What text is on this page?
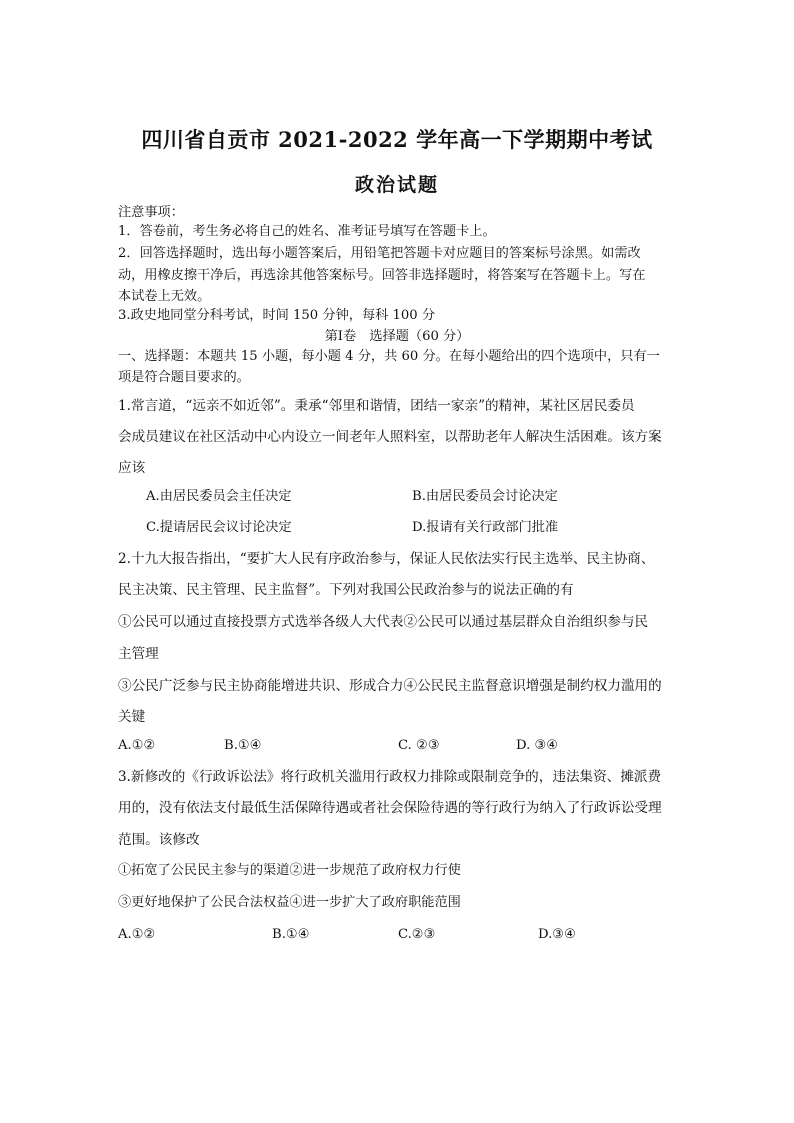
四川省自贡市 2021-2022 学年高一下学期期中考试
政治试题
注意事项：
1．答卷前，考生务必将自己的姓名、准考证号填写在答题卡上。
2．回答选择题时，选出每小题答案后，用铅笔把答题卡对应题目的答案标号涂黑。如需改
动，用橡皮擦干净后，再选涂其他答案标号。回答非选择题时，将答案写在答题卡上。写在
本试卷上无效。
3.政史地同堂分科考试，时间 150 分钟，每科 100 分
第Ⅰ卷　选择题（60 分）
一、选择题：本题共 15 小题，每小题 4 分，共 60 分。在每小题给出的四个选项中，只有一
项是符合题目要求的。
1.常言道，“远亲不如近邻”。秉承“邻里和谐情，团结一家亲”的精神，某社区居民委员
会成员建议在社区活动中心内设立一间老年人照料室，以帮助老年人解决生活困难。该方案
应该
A.由居民委员会主任决定	B.由居民委员会讨论决定
C.提请居民会议讨论决定	D.报请有关行政部门批准
2.十九大报告指出，“要扩大人民有序政治参与，保证人民依法实行民主选举、民主协商、
民主决策、民主管理、民主监督”。下列对我国公民政治参与的说法正确的有
①公民可以通过直接投票方式选举各级人大代表②公民可以通过基层群众自治组织参与民
主管理
③公民广泛参与民主协商能增进共识、形成合力④公民民主监督意识增强是制约权力滥用的
关键
A.①②	B.①④	C. ②③	D. ③④
3.新修改的《行政诉讼法》将行政机关滥用行政权力排除或限制竞争的，违法集资、摊派费
用的，没有依法支付最低生活保障待遇或者社会保险待遇的等行政行为纳入了行政诉讼受理
范围。该修改
①拓宽了公民民主参与的渠道②进一步规范了政府权力行使
③更好地保护了公民合法权益④进一步扩大了政府职能范围
A.①②	B.①④	C.②③	D.③④
